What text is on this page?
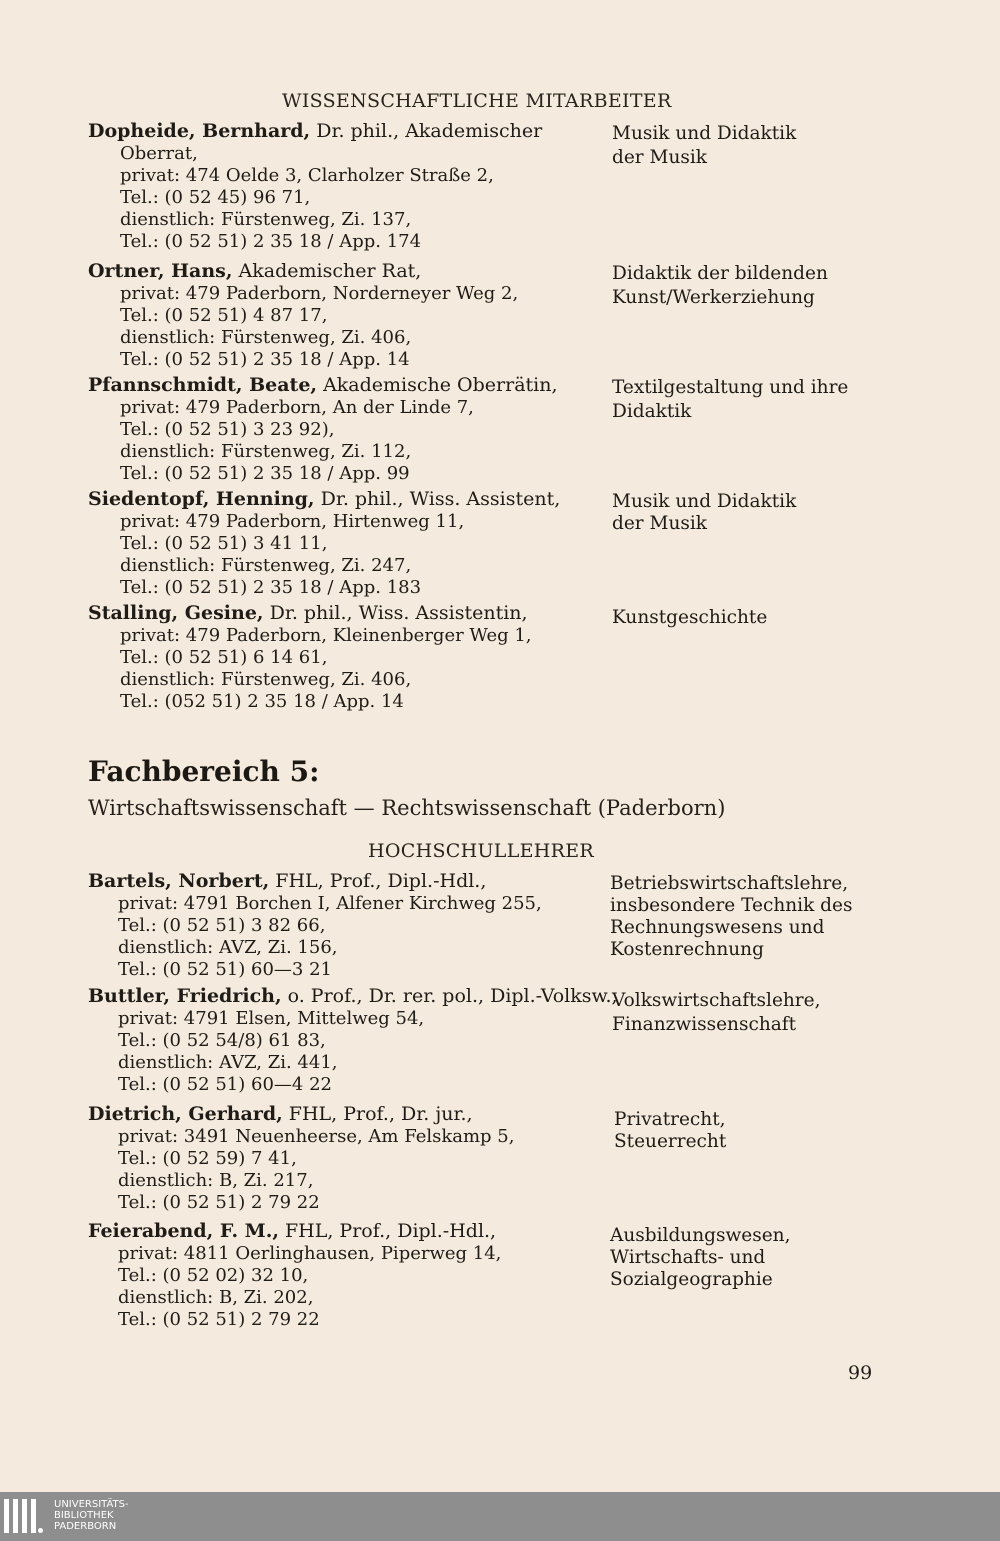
WISSENSCHAFTLICHE MITARBEITER
Dopheide, Bernhard, Dr. phil., Akademischer
Oberrat,
privat: 474 Oelde 3, Clarholzer Straße 2,
Tel.: (0 52 45) 96 71,
dienstlich: Fürstenweg, Zi. 137,
Tel.: (0 52 51) 2 35 18 / App. 174
Musik und Didaktik
der Musik
Ortner, Hans, Akademischer Rat,
privat: 479 Paderborn, Norderneyer Weg 2,
Tel.: (0 52 51) 4 87 17,
dienstlich: Fürstenweg, Zi. 406,
Tel.: (0 52 51) 2 35 18 / App. 14
Didaktik der bildenden
Kunst/Werkerziehung
Pfannschmidt, Beate, Akademische Oberrätin,
privat: 479 Paderborn, An der Linde 7,
Tel.: (0 52 51) 3 23 92),
dienstlich: Fürstenweg, Zi. 112,
Tel.: (0 52 51) 2 35 18 / App. 99
Textilgestaltung und ihre
Didaktik
Siedentopf, Henning, Dr. phil., Wiss. Assistent,
privat: 479 Paderborn, Hirtenweg 11,
Tel.: (0 52 51) 3 41 11,
dienstlich: Fürstenweg, Zi. 247,
Tel.: (0 52 51) 2 35 18 / App. 183
Musik und Didaktik
der Musik
Stalling, Gesine, Dr. phil., Wiss. Assistentin,
privat: 479 Paderborn, Kleinenberger Weg 1,
Tel.: (0 52 51) 6 14 61,
dienstlich: Fürstenweg, Zi. 406,
Tel.: (052 51) 2 35 18 / App. 14
Kunstgeschichte
Fachbereich 5:
Wirtschaftswissenschaft — Rechtswissenschaft (Paderborn)
HOCHSCHULLEHRER
Bartels, Norbert, FHL, Prof., Dipl.-Hdl.,
privat: 4791 Borchen I, Alfener Kirchweg 255,
Tel.: (0 52 51) 3 82 66,
dienstlich: AVZ, Zi. 156,
Tel.: (0 52 51) 60—3 21
Betriebswirtschaftslehre,
insbesondere Technik des
Rechnungswesens und
Kostenrechnung
Buttler, Friedrich, o. Prof., Dr. rer. pol., Dipl.-Volksw.,
privat: 4791 Elsen, Mittelweg 54,
Tel.: (0 52 54/8) 61 83,
dienstlich: AVZ, Zi. 441,
Tel.: (0 52 51) 60—4 22
Volkswirtschaftslehre,
Finanzwissenschaft
Dietrich, Gerhard, FHL, Prof., Dr. jur.,
privat: 3491 Neuenheerse, Am Felskamp 5,
Tel.: (0 52 59) 7 41,
dienstlich: B, Zi. 217,
Tel.: (0 52 51) 2 79 22
Privatrecht,
Steuerrecht
Feierabend, F. M., FHL, Prof., Dipl.-Hdl.,
privat: 4811 Oerlinghausen, Piperweg 14,
Tel.: (0 52 02) 32 10,
dienstlich: B, Zi. 202,
Tel.: (0 52 51) 2 79 22
Ausbildungswesen,
Wirtschafts- und
Sozialgeographie
99
UNIVERSITÄTS-
BIBLIOTHEK
PADERBORN
